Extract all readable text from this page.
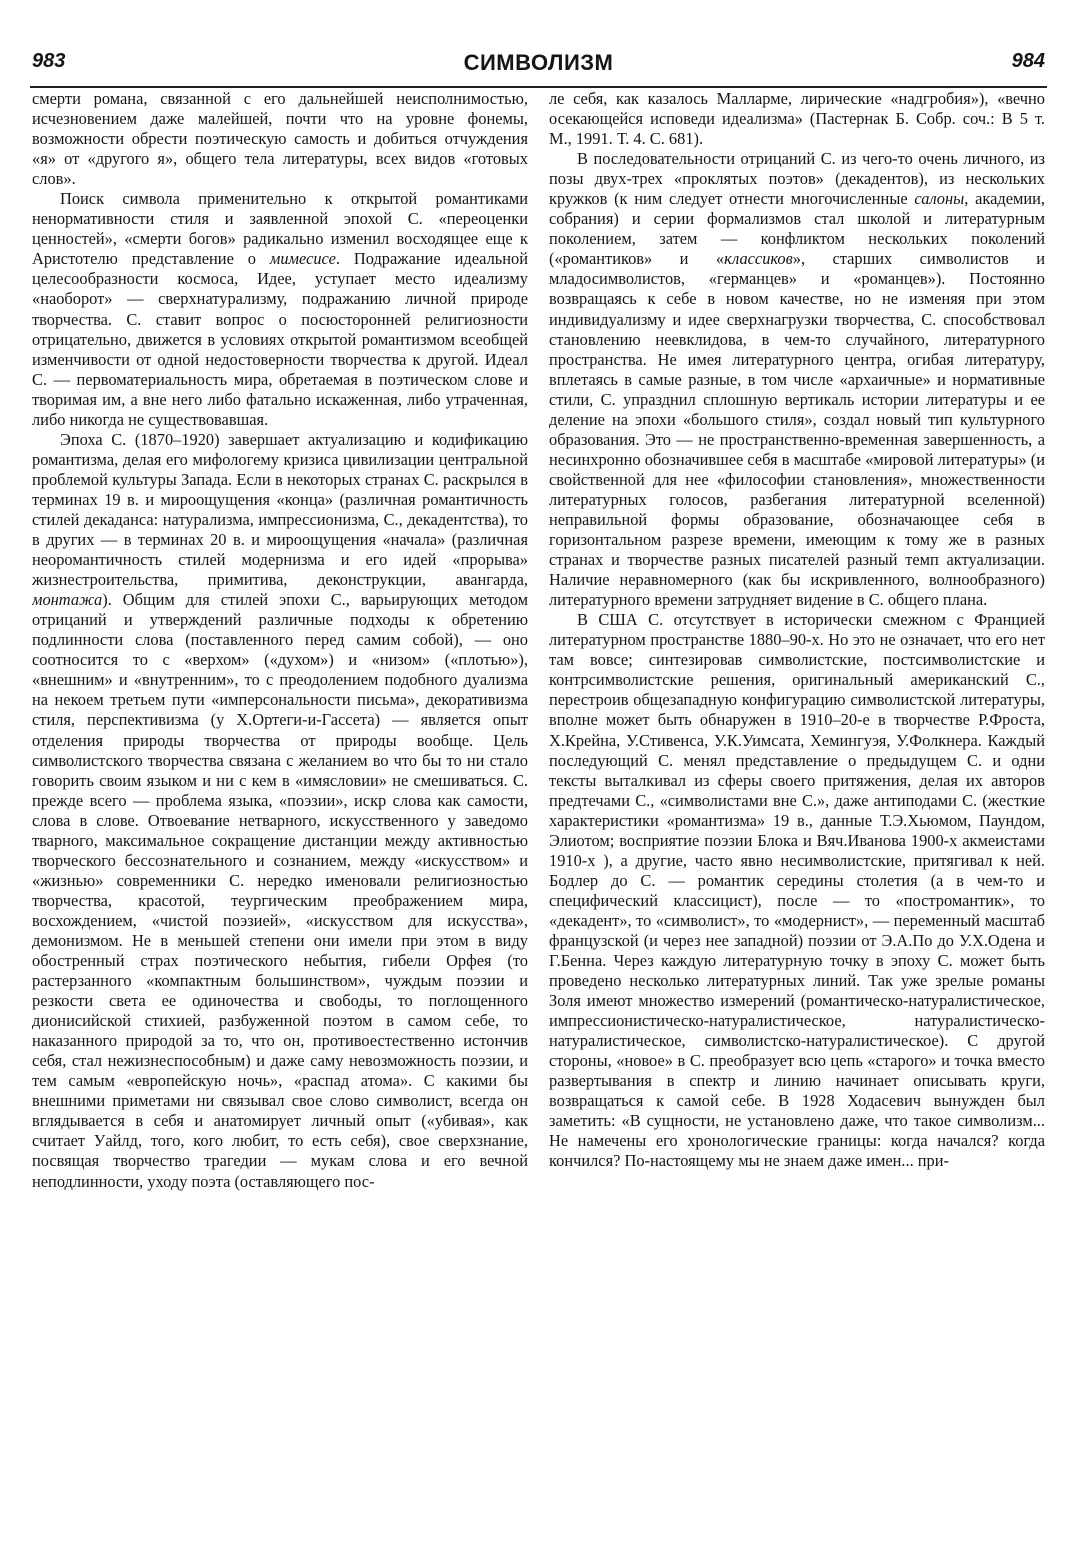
983	СИМВОЛИЗМ	984

смерти романа, связанной с его дальнейшей неисполнимостью, исчезновением даже малейшей, почти что на уровне фонемы, возможности обрести поэтическую самость и добиться отчуждения «я» от «другого я», общего тела литературы, всех видов «готовых слов».

Поиск символа применительно к открытой романтиками ненормативности стиля и заявленной эпохой С. «переоценки ценностей», «смерти богов» радикально изменил восходящее еще к Аристотелю представление о мимесисе. Подражание идеальной целесообразности космоса, Идее, уступает место идеализму «наоборот» — сверхнатурализму, подражанию личной природе творчества. С. ставит вопрос о посюсторонней религиозности отрицательно, движется в условиях открытой романтизмом всеобщей изменчивости от одной недостоверности творчества к другой. Идеал С. — первоматериальность мира, обретаемая в поэтическом слове и творимая им, а вне него либо фатально искаженная, либо утраченная, либо никогда не существовавшая.

Эпоха С. (1870–1920) завершает актуализацию и кодификацию романтизма, делая его мифологему кризиса цивилизации центральной проблемой культуры Запада. Если в некоторых странах С. раскрылся в терминах 19 в. и мироощущения «конца» (различная романтичность стилей декаданса: натурализма, импрессионизма, С., декадентства), то в других — в терминах 20 в. и мироощущения «начала» (различная неоромантичность стилей модернизма и его идей «прорыва» жизнестроительства, примитива, деконструкции, авангарда, монтажа). Общим для стилей эпохи С., варьирующих методом отрицаний и утверждений различные подходы к обретению подлинности слова (поставленного перед самим собой), — оно соотносится то с «верхом» («духом») и «низом» («плотью»), «внешним» и «внутренним», то с преодолением подобного дуализма на некоем третьем пути «имперсональности письма», декоративизма стиля, перспективизма (у Х.Ортеги-и-Гассета) — является опыт отделения природы творчества от природы вообще. Цель символистского творчества связана с желанием во что бы то ни стало говорить своим языком и ни с кем в «имясловии» не смешиваться. С. прежде всего — проблема языка, «поэзии», искр слова как самости, слова в слове. Отвоевание нетварного, искусственного у заведомо тварного, максимальное сокращение дистанции между активностью творческого бессознательного и сознанием, между «искусством» и «жизнью» современники С. нередко именовали религиозностью творчества, красотой, теургическим преображением мира, восхождением, «чистой поэзией», «искусством для искусства», демонизмом. Не в меньшей степени они имели при этом в виду обостренный страх поэтического небытия, гибели Орфея (то растерзанного «компактным большинством», чуждым поэзии и резкости света ее одиночества и свободы, то поглощенного дионисийской стихией, разбуженной поэтом в самом себе, то наказанного природой за то, что он, противоестественно истончив себя, стал нежизнеспособным) и даже саму невозможность поэзии, и тем самым «европейскую ночь», «распад атома». С какими бы внешними приметами ни связывал свое слово символист, всегда он вглядывается в себя и анатомирует личный опыт («убивая», как считает Уайлд, того, кого любит, то есть себя), свое сверхзнание, посвящая творчество трагедии — мукам слова и его вечной неподлинности, уходу поэта (оставляющего пос-

ле себя, как казалось Малларме, лирические «надгробия»), «вечно осекающейся исповеди идеализма» (Пастернак Б. Собр. соч.: В 5 т. М., 1991. Т. 4. С. 681).

В последовательности отрицаний С. из чего-то очень личного, из позы двух-трех «проклятых поэтов» (декадентов), из нескольких кружков (к ним следует отнести многочисленные салоны, академии, собрания) и серии формализмов стал школой и литературным поколением, затем — конфликтом нескольких поколений («романтиков» и «классиков», старших символистов и младосимволистов, «германцев» и «романцев»). Постоянно возвращаясь к себе в новом качестве, но не изменяя при этом индивидуализму и идее сверхнагрузки творчества, С. способствовал становлению неевклидова, в чем-то случайного, литературного пространства. Не имея литературного центра, огибая литературу, вплетаясь в самые разные, в том числе «архаичные» и нормативные стили, С. упразднил сплошную вертикаль истории литературы и ее деление на эпохи «большого стиля», создал новый тип культурного образования. Это — не пространственно-временная завершенность, а несинхронно обозначившее себя в масштабе «мировой литературы» (и свойственной для нее «философии становления», множественности литературных голосов, разбегания литературной вселенной) неправильной формы образование, обозначающее себя в горизонтальном разрезе времени, имеющим к тому же в разных странах и творчестве разных писателей разный темп актуализации. Наличие неравномерного (как бы искривленного, волнообразного) литературного времени затрудняет видение в С. общего плана.

В США С. отсутствует в исторически смежном с Францией литературном пространстве 1880–90-х. Но это не означает, что его нет там вовсе; синтезировав символистские, постсимволистские и контрсимволистские решения, оригинальный американский С., перестроив общезападную конфигурацию символистской литературы, вполне может быть обнаружен в 1910–20-е в творчестве Р.Фроста, Х.Крейна, У.Стивенса, У.К.Уимсата, Хемингуэя, У.Фолкнера. Каждый последующий С. менял представление о предыдущем С. и одни тексты выталкивал из сферы своего притяжения, делая их авторов предтечами С., «символистами вне С.», даже антиподами С. (жесткие характеристики «романтизма» 19 в., данные Т.Э.Хьюмом, Паундом, Элиотом; восприятие поэзии Блока и Вяч.Иванова 1900-х акмеистами 1910-х ), а другие, часто явно несимволистские, притягивал к ней. Бодлер до С. — романтик середины столетия (а в чем-то и специфический классицист), после — то «постромантик», то «декадент», то «символист», то «модернист», — переменный масштаб французской (и через нее западной) поэзии от Э.А.По до У.Х.Одена и Г.Бенна. Через каждую литературную точку в эпоху С. может быть проведено несколько литературных линий. Так уже зрелые романы Золя имеют множество измерений (романтическо-натуралистическое, импрессионистическо-натуралистическое, натуралистическо-натуралистическое, символистско-натуралистическое). С другой стороны, «новое» в С. преобразует всю цепь «старого» и точка вместо развертывания в спектр и линию начинает описывать круги, возвращаться к самой себе. В 1928 Ходасевич вынужден был заметить: «В сущности, не установлено даже, что такое символизм... Не намечены его хронологические границы: когда начался? когда кончился? По-настоящему мы не знаем даже имен... при-
